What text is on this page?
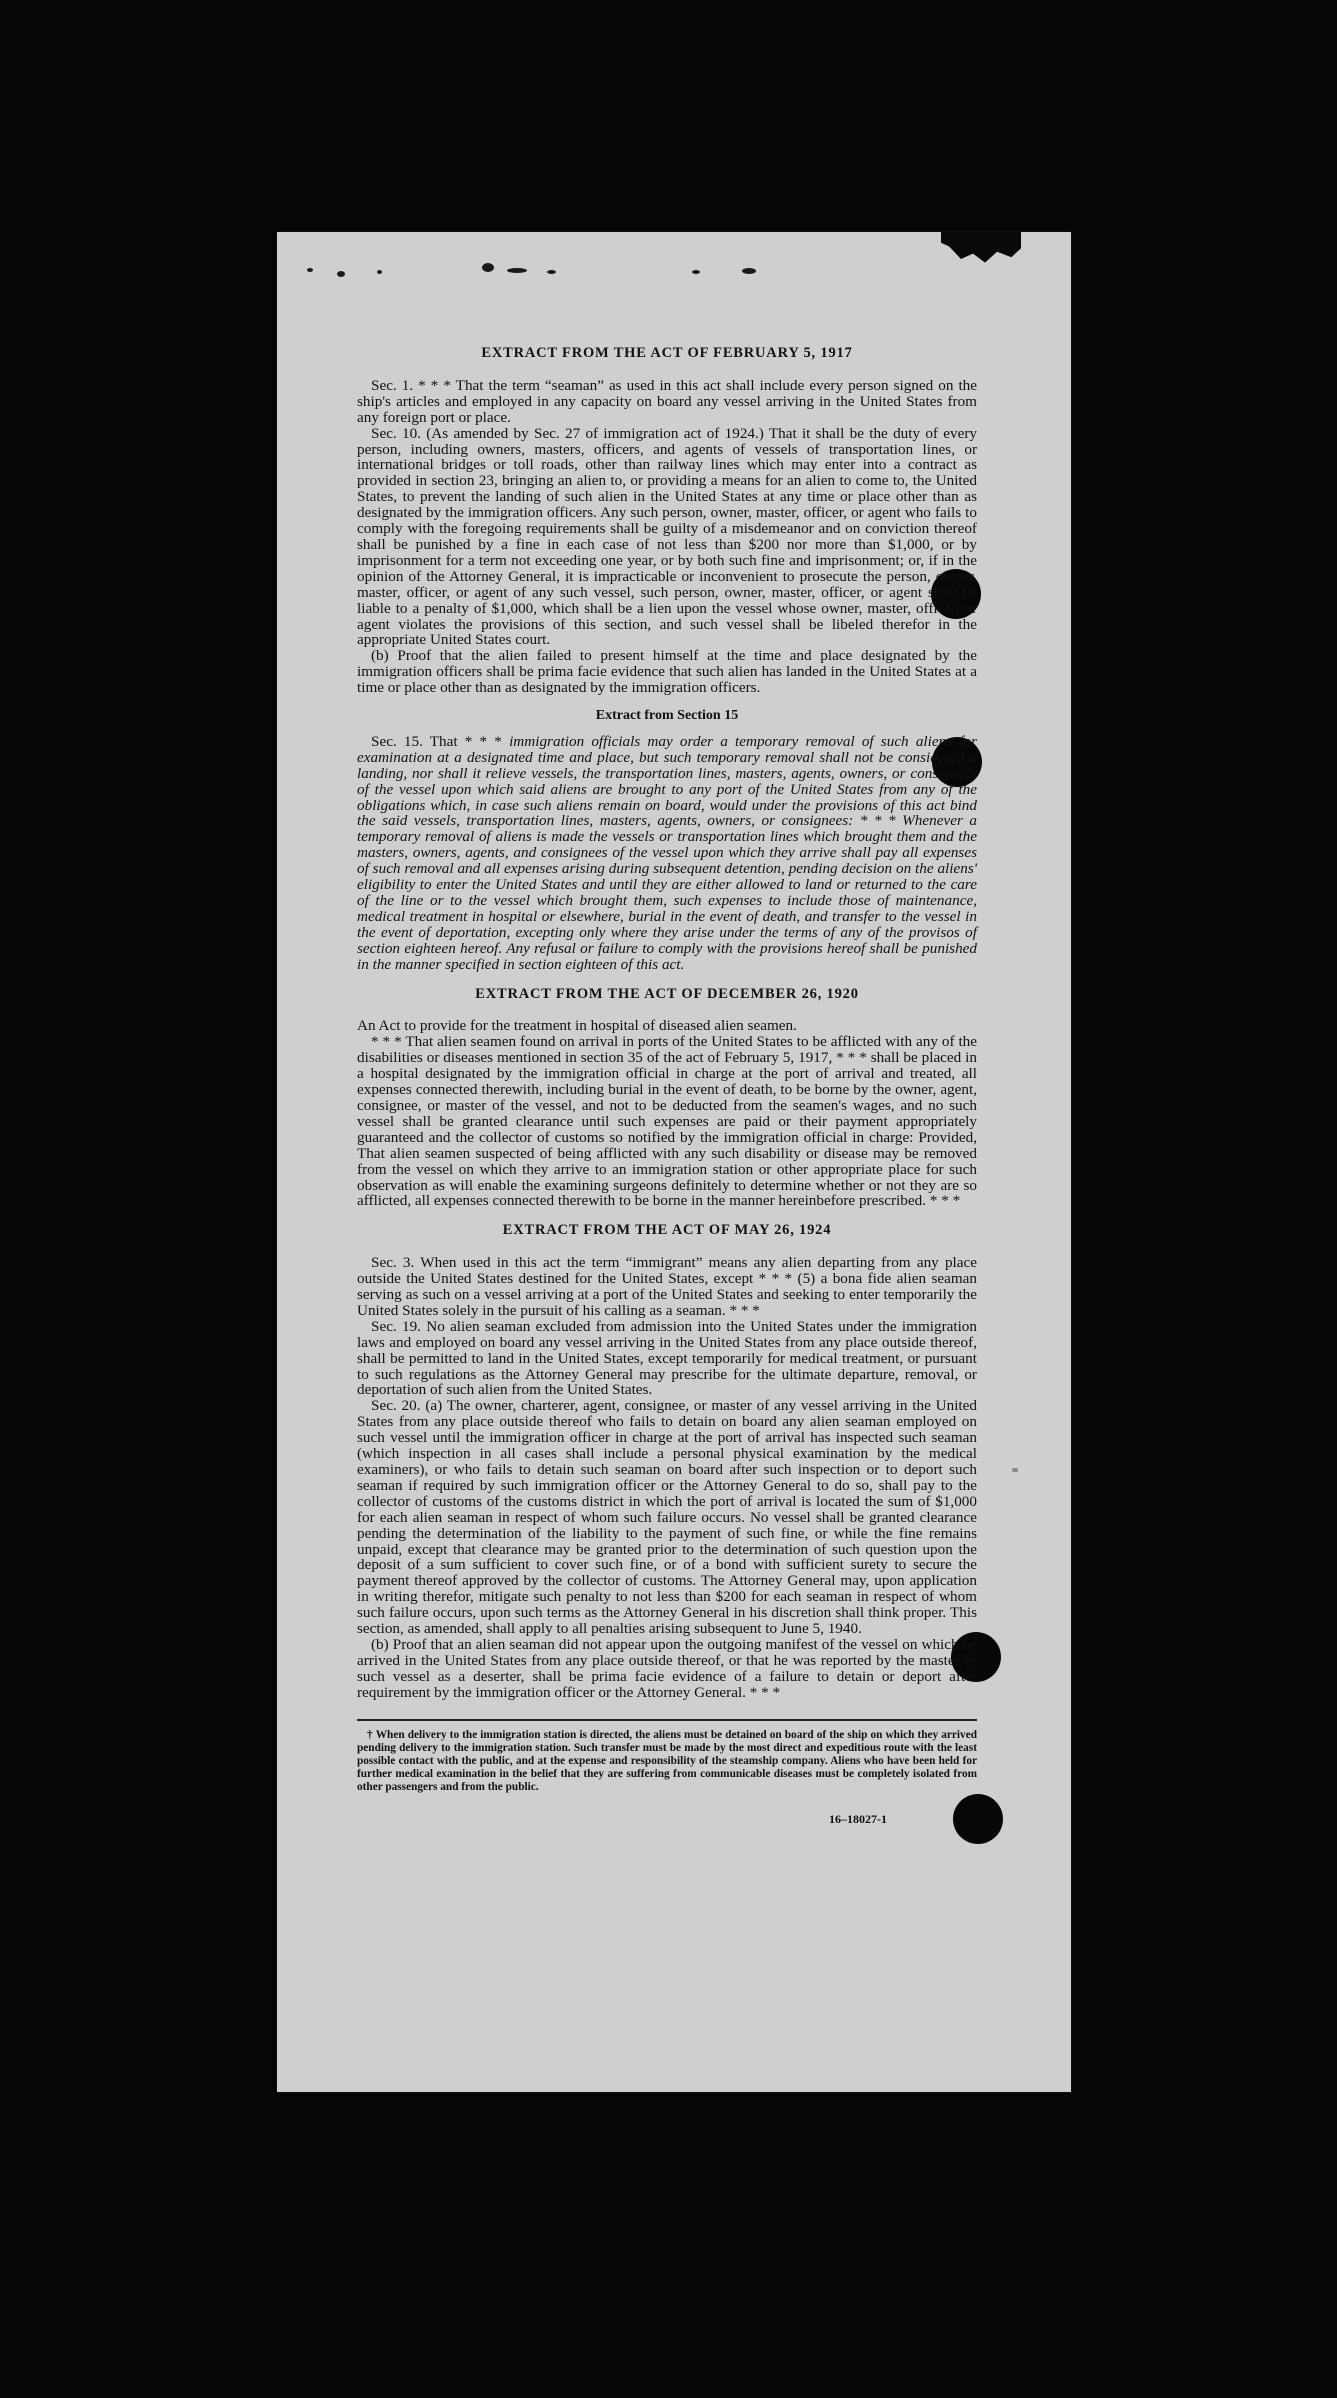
EXTRACT FROM THE ACT OF FEBRUARY 5, 1917

Sec. 1. * * * That the term “seaman” as used in this act shall include every person signed on the ship's articles and employed in any capacity on board any vessel arriving in the United States from any foreign port or place.

Sec. 10. (As amended by Sec. 27 of immigration act of 1924.) That it shall be the duty of every person, including owners, masters, officers, and agents of vessels of transportation lines, or international bridges or toll roads, other than railway lines which may enter into a contract as provided in section 23, bringing an alien to, or providing a means for an alien to come to, the United States, to prevent the landing of such alien in the United States at any time or place other than as designated by the immigration officers. Any such person, owner, master, officer, or agent who fails to comply with the foregoing requirements shall be guilty of a misdemeanor and on conviction thereof shall be punished by a fine in each case of not less than $200 nor more than $1,000, or by imprisonment for a term not exceeding one year, or by both such fine and imprisonment; or, if in the opinion of the Attorney General, it is impracticable or inconvenient to prosecute the person, owner, master, officer, or agent of any such vessel, such person, owner, master, officer, or agent shall be liable to a penalty of $1,000, which shall be a lien upon the vessel whose owner, master, officer, or agent violates the provisions of this section, and such vessel shall be libeled therefor in the appropriate United States court.

(b) Proof that the alien failed to present himself at the time and place designated by the immigration officers shall be prima facie evidence that such alien has landed in the United States at a time or place other than as designated by the immigration officers.

Extract from Section 15

Sec. 15. That * * * immigration officials may order a temporary removal of such aliens for examination at a designated time and place, but such temporary removal shall not be considered a landing, nor shall it relieve vessels, the transportation lines, masters, agents, owners, or consignees of the vessel upon which said aliens are brought to any port of the United States from any of the obligations which, in case such aliens remain on board, would under the provisions of this act bind the said vessels, transportation lines, masters, agents, owners, or consignees: * * * Whenever a temporary removal of aliens is made the vessels or transportation lines which brought them and the masters, owners, agents, and consignees of the vessel upon which they arrive shall pay all expenses of such removal and all expenses arising during subsequent detention, pending decision on the aliens' eligibility to enter the United States and until they are either allowed to land or returned to the care of the line or to the vessel which brought them, such expenses to include those of maintenance, medical treatment in hospital or elsewhere, burial in the event of death, and transfer to the vessel in the event of deportation, excepting only where they arise under the terms of any of the provisos of section eighteen hereof. Any refusal or failure to comply with the provisions hereof shall be punished in the manner specified in section eighteen of this act.

EXTRACT FROM THE ACT OF DECEMBER 26, 1920

An Act to provide for the treatment in hospital of diseased alien seamen.

* * * That alien seamen found on arrival in ports of the United States to be afflicted with any of the disabilities or diseases mentioned in section 35 of the act of February 5, 1917, * * * shall be placed in a hospital designated by the immigration official in charge at the port of arrival and treated, all expenses connected therewith, including burial in the event of death, to be borne by the owner, agent, consignee, or master of the vessel, and not to be deducted from the seamen's wages, and no such vessel shall be granted clearance until such expenses are paid or their payment appropriately guaranteed and the collector of customs so notified by the immigration official in charge: Provided, That alien seamen suspected of being afflicted with any such disability or disease may be removed from the vessel on which they arrive to an immigration station or other appropriate place for such observation as will enable the examining surgeons definitely to determine whether or not they are so afflicted, all expenses connected therewith to be borne in the manner hereinbefore prescribed. * * *

EXTRACT FROM THE ACT OF MAY 26, 1924

Sec. 3. When used in this act the term “immigrant” means any alien departing from any place outside the United States destined for the United States, except * * * (5) a bona fide alien seaman serving as such on a vessel arriving at a port of the United States and seeking to enter temporarily the United States solely in the pursuit of his calling as a seaman. * * *

Sec. 19. No alien seaman excluded from admission into the United States under the immigration laws and employed on board any vessel arriving in the United States from any place outside thereof, shall be permitted to land in the United States, except temporarily for medical treatment, or pursuant to such regulations as the Attorney General may prescribe for the ultimate departure, removal, or deportation of such alien from the United States.

Sec. 20. (a) The owner, charterer, agent, consignee, or master of any vessel arriving in the United States from any place outside thereof who fails to detain on board any alien seaman employed on such vessel until the immigration officer in charge at the port of arrival has inspected such seaman (which inspection in all cases shall include a personal physical examination by the medical examiners), or who fails to detain such seaman on board after such inspection or to deport such seaman if required by such immigration officer or the Attorney General to do so, shall pay to the collector of customs of the customs district in which the port of arrival is located the sum of $1,000 for each alien seaman in respect of whom such failure occurs. No vessel shall be granted clearance pending the determination of the liability to the payment of such fine, or while the fine remains unpaid, except that clearance may be granted prior to the determination of such question upon the deposit of a sum sufficient to cover such fine, or of a bond with sufficient surety to secure the payment thereof approved by the collector of customs. The Attorney General may, upon application in writing therefor, mitigate such penalty to not less than $200 for each seaman in respect of whom such failure occurs, upon such terms as the Attorney General in his discretion shall think proper. This section, as amended, shall apply to all penalties arising subsequent to June 5, 1940.

(b) Proof that an alien seaman did not appear upon the outgoing manifest of the vessel on which he arrived in the United States from any place outside thereof, or that he was reported by the master of such vessel as a deserter, shall be prima facie evidence of a failure to detain or deport after requirement by the immigration officer or the Attorney General. * * *

† When delivery to the immigration station is directed, the aliens must be detained on board of the ship on which they arrived pending delivery to the immigration station. Such transfer must be made by the most direct and expeditious route with the least possible contact with the public, and at the expense and responsibility of the steamship company. Aliens who have been held for further medical examination in the belief that they are suffering from communicable diseases must be completely isolated from other passengers and from the public.

16–18027-1
